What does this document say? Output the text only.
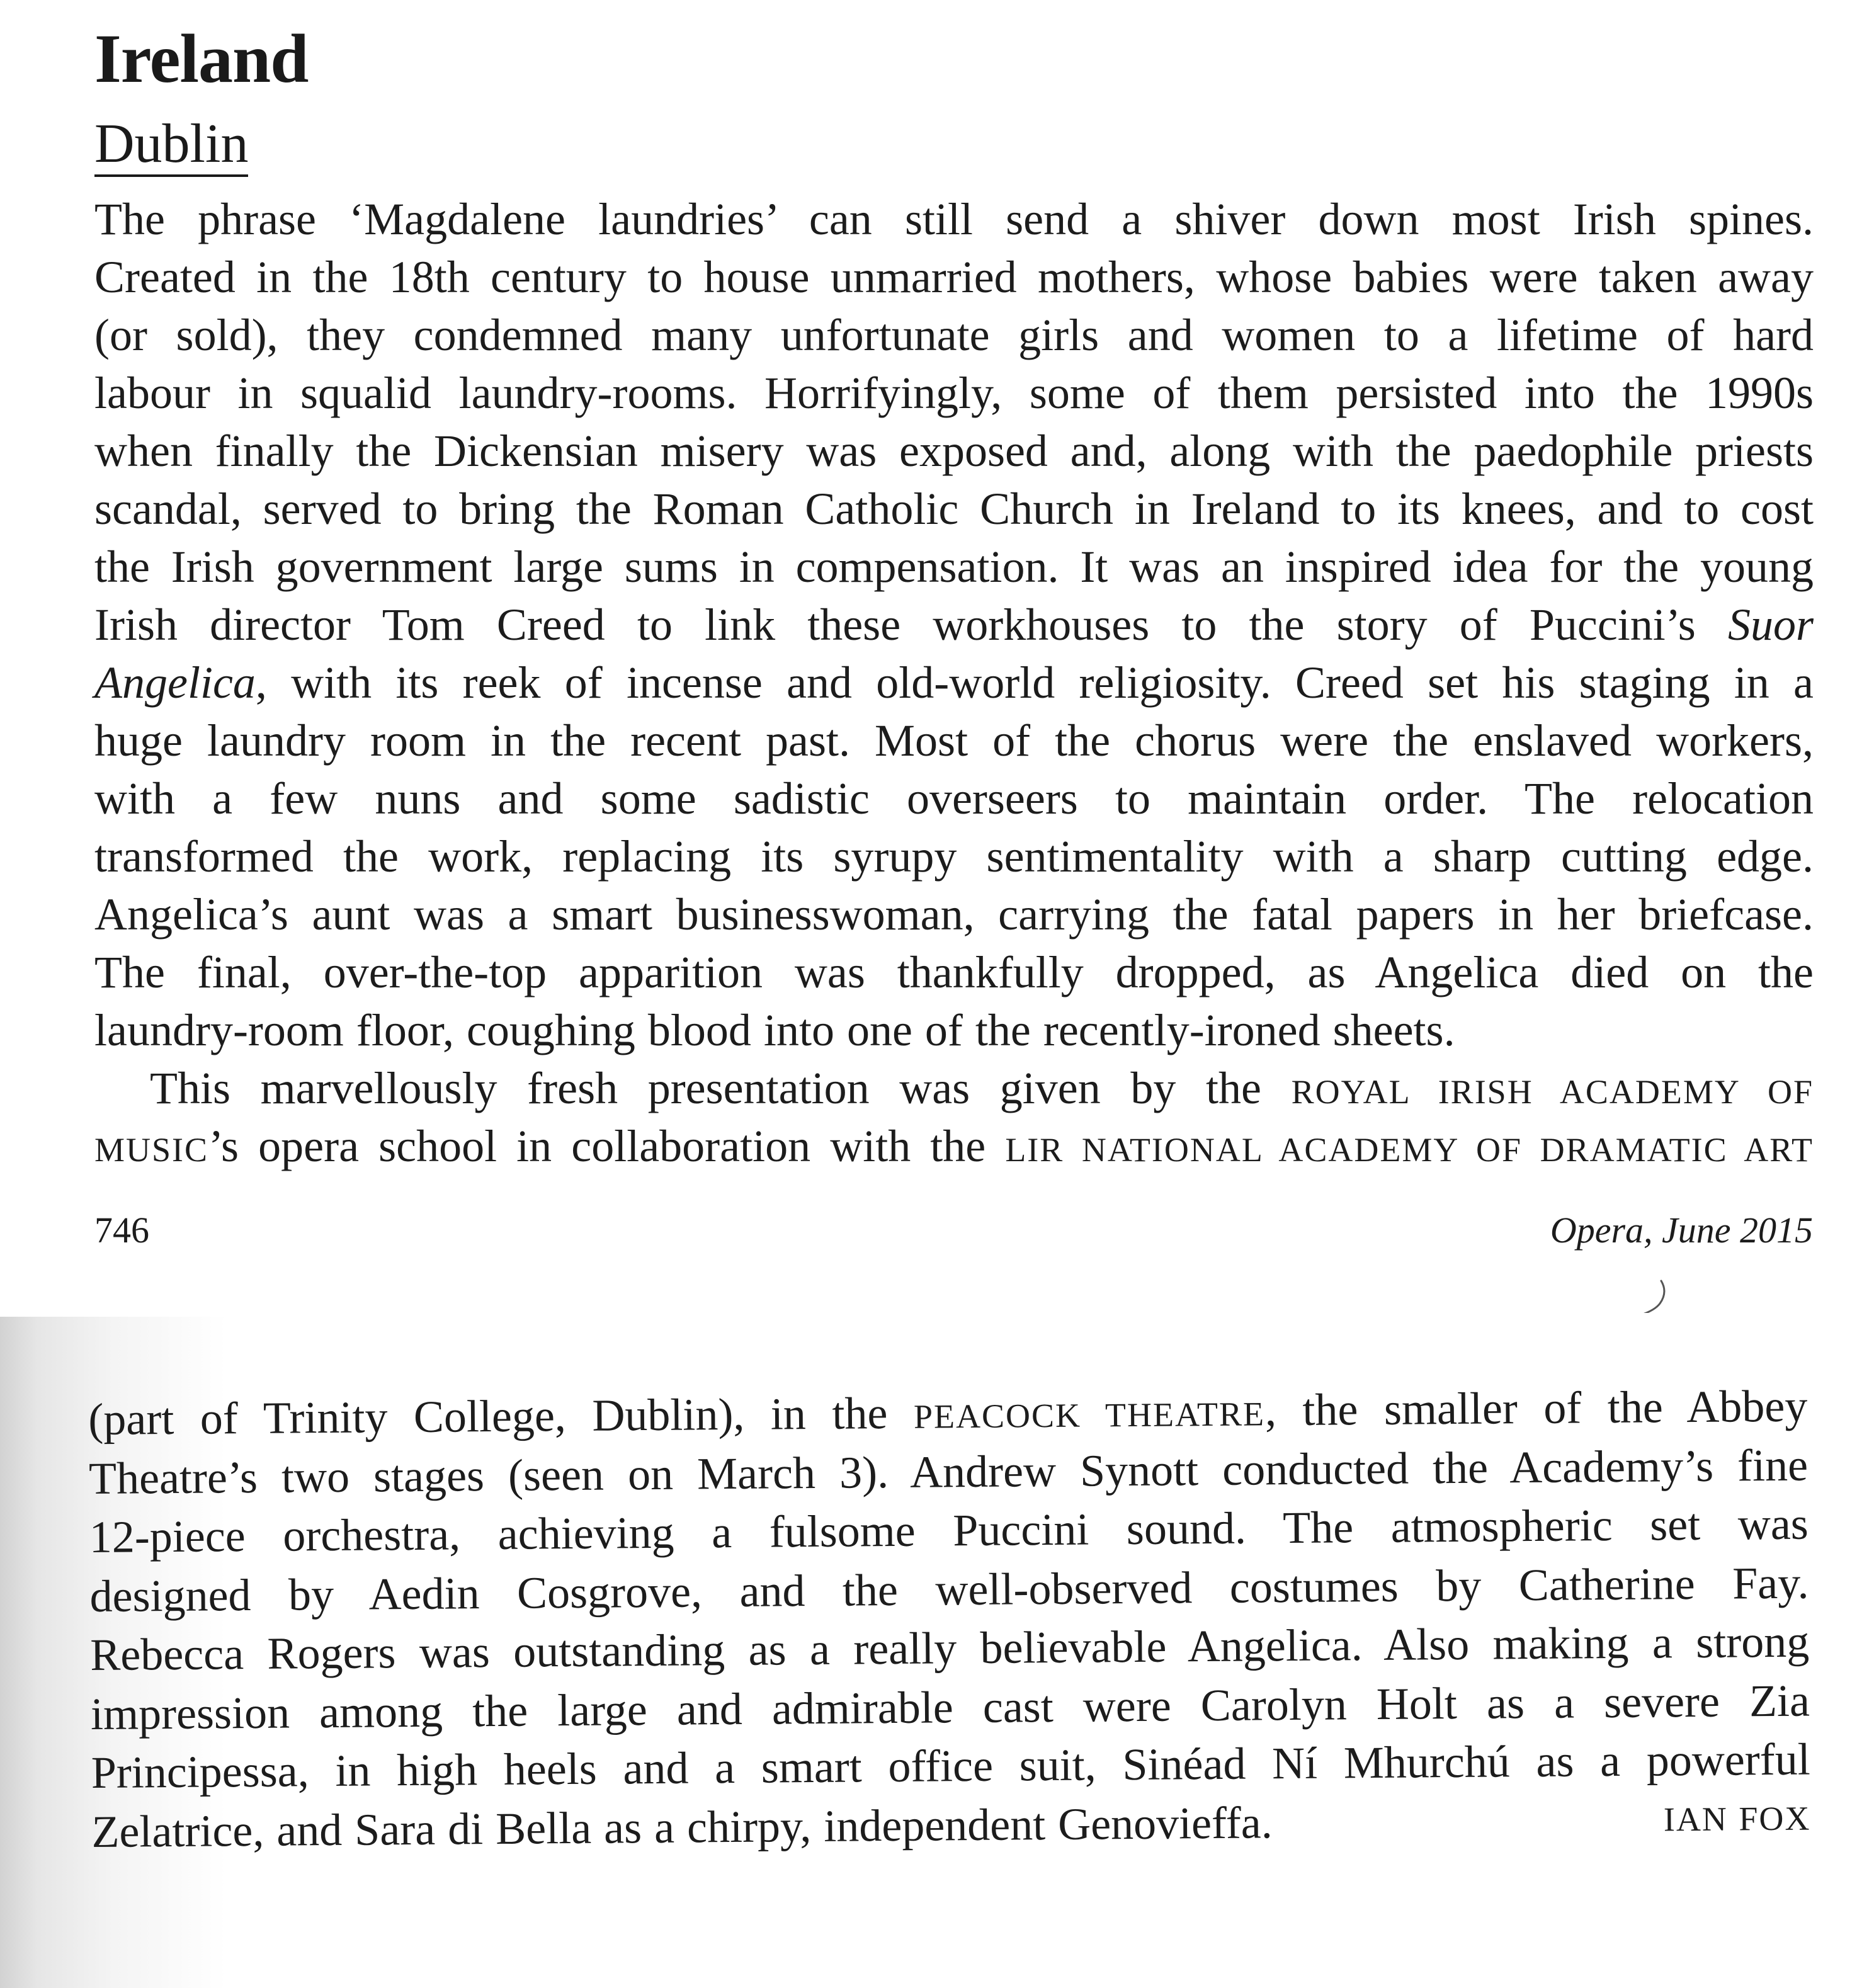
Ireland
Dublin
The phrase ‘Magdalene laundries’ can still send a shiver down most Irish spines.
Created in the 18th century to house unmarried mothers, whose babies were taken away
(or sold), they condemned many unfortunate girls and women to a lifetime of hard
labour in squalid laundry-rooms. Horrifyingly, some of them persisted into the 1990s
when finally the Dickensian misery was exposed and, along with the paedophile priests
scandal, served to bring the Roman Catholic Church in Ireland to its knees, and to cost
the Irish government large sums in compensation. It was an inspired idea for the young
Irish director Tom Creed to link these workhouses to the story of Puccini’s Suor
Angelica, with its reek of incense and old-world religiosity. Creed set his staging in a
huge laundry room in the recent past. Most of the chorus were the enslaved workers,
with a few nuns and some sadistic overseers to maintain order. The relocation
transformed the work, replacing its syrupy sentimentality with a sharp cutting edge.
Angelica’s aunt was a smart businesswoman, carrying the fatal papers in her briefcase.
The final, over-the-top apparition was thankfully dropped, as Angelica died on the
laundry-room floor, coughing blood into one of the recently-ironed sheets.
This marvellously fresh presentation was given by the ROYAL IRISH ACADEMY OF
MUSIC’s opera school in collaboration with the LIR NATIONAL ACADEMY OF DRAMATIC ART
746	Opera, June 2015
(part of Trinity College, Dublin), in the PEACOCK THEATRE, the smaller of the Abbey
Theatre’s two stages (seen on March 3). Andrew Synott conducted the Academy’s fine
12-piece orchestra, achieving a fulsome Puccini sound. The atmospheric set was
designed by Aedin Cosgrove, and the well-observed costumes by Catherine Fay.
Rebecca Rogers was outstanding as a really believable Angelica. Also making a strong
impression among the large and admirable cast were Carolyn Holt as a severe Zia
Principessa, in high heels and a smart office suit, Sinéad Ní Mhurchú as a powerful
Zelatrice, and Sara di Bella as a chirpy, independent Genovieffa.	IAN FOX
